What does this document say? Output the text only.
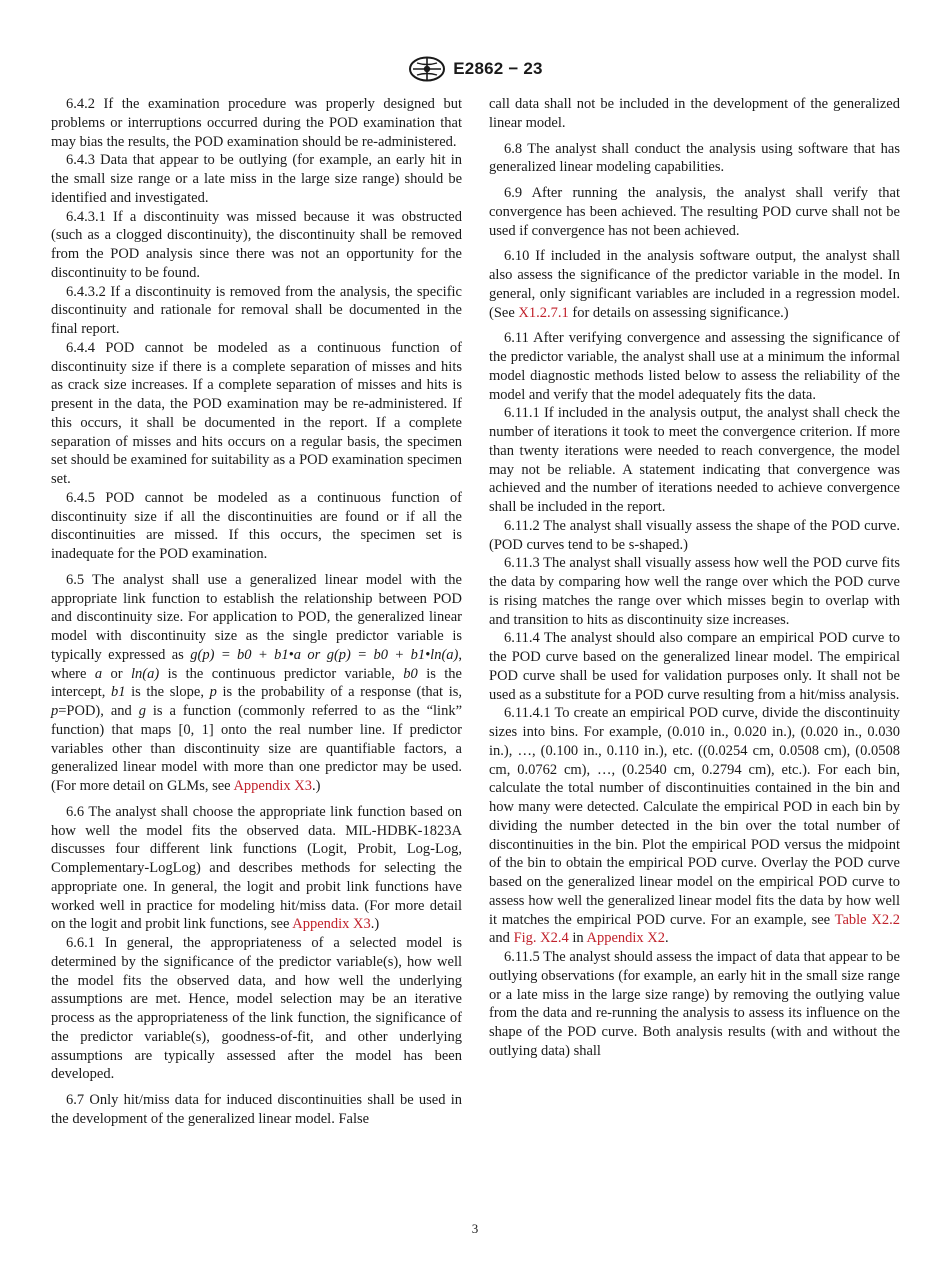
E2862 − 23

6.4.2 If the examination procedure was properly designed but problems or interruptions occurred during the POD examination that may bias the results, the POD examination should be re-administered.

6.4.3 Data that appear to be outlying (for example, an early hit in the small size range or a late miss in the large size range) should be identified and investigated.

6.4.3.1 If a discontinuity was missed because it was obstructed (such as a clogged discontinuity), the discontinuity shall be removed from the POD analysis since there was not an opportunity for the discontinuity to be found.

6.4.3.2 If a discontinuity is removed from the analysis, the specific discontinuity and rationale for removal shall be documented in the final report.

6.4.4 POD cannot be modeled as a continuous function of discontinuity size if there is a complete separation of misses and hits as crack size increases. If a complete separation of misses and hits is present in the data, the POD examination may be re-administered. If this occurs, it shall be documented in the report. If a complete separation of misses and hits occurs on a regular basis, the specimen set should be examined for suitability as a POD examination specimen set.

6.4.5 POD cannot be modeled as a continuous function of discontinuity size if all the discontinuities are found or if all the discontinuities are missed. If this occurs, the specimen set is inadequate for the POD examination.

6.5 The analyst shall use a generalized linear model with the appropriate link function to establish the relationship between POD and discontinuity size. For application to POD, the generalized linear model with discontinuity size as the single predictor variable is typically expressed as g(p) = b0 + b1•a or g(p) = b0 + b1•ln(a), where a or ln(a) is the continuous predictor variable, b0 is the intercept, b1 is the slope, p is the probability of a response (that is, p=POD), and g is a function (commonly referred to as the “link” function) that maps [0, 1] onto the real number line. If predictor variables other than discontinuity size are quantifiable factors, a generalized linear model with more than one predictor may be used. (For more detail on GLMs, see Appendix X3.)

6.6 The analyst shall choose the appropriate link function based on how well the model fits the observed data. MIL-HDBK-1823A discusses four different link functions (Logit, Probit, Log-Log, Complementary-LogLog) and describes methods for selecting the appropriate one. In general, the logit and probit link functions have worked well in practice for modeling hit/miss data. (For more detail on the logit and probit link functions, see Appendix X3.)

6.6.1 In general, the appropriateness of a selected model is determined by the significance of the predictor variable(s), how well the model fits the observed data, and how well the underlying assumptions are met. Hence, model selection may be an iterative process as the appropriateness of the link function, the significance of the predictor variable(s), goodness-of-fit, and other underlying assumptions are typically assessed after the model has been developed.

6.7 Only hit/miss data for induced discontinuities shall be used in the development of the generalized linear model. False

call data shall not be included in the development of the generalized linear model.

6.8 The analyst shall conduct the analysis using software that has generalized linear modeling capabilities.

6.9 After running the analysis, the analyst shall verify that convergence has been achieved. The resulting POD curve shall not be used if convergence has not been achieved.

6.10 If included in the analysis software output, the analyst shall also assess the significance of the predictor variable in the model. In general, only significant variables are included in a regression model. (See X1.2.7.1 for details on assessing significance.)

6.11 After verifying convergence and assessing the significance of the predictor variable, the analyst shall use at a minimum the informal model diagnostic methods listed below to assess the reliability of the model and verify that the model adequately fits the data.

6.11.1 If included in the analysis output, the analyst shall check the number of iterations it took to meet the convergence criterion. If more than twenty iterations were needed to reach convergence, the model may not be reliable. A statement indicating that convergence was achieved and the number of iterations needed to achieve convergence shall be included in the report.

6.11.2 The analyst shall visually assess the shape of the POD curve. (POD curves tend to be s-shaped.)

6.11.3 The analyst shall visually assess how well the POD curve fits the data by comparing how well the range over which the POD curve is rising matches the range over which misses begin to overlap with and transition to hits as discontinuity size increases.

6.11.4 The analyst should also compare an empirical POD curve to the POD curve based on the generalized linear model. The empirical POD curve shall be used for validation purposes only. It shall not be used as a substitute for a POD curve resulting from a hit/miss analysis.

6.11.4.1 To create an empirical POD curve, divide the discontinuity sizes into bins. For example, (0.010 in., 0.020 in.), (0.020 in., 0.030 in.), …, (0.100 in., 0.110 in.), etc. ((0.0254 cm, 0.0508 cm), (0.0508 cm, 0.0762 cm), …, (0.2540 cm, 0.2794 cm), etc.). For each bin, calculate the total number of discontinuities contained in the bin and how many were detected. Calculate the empirical POD in each bin by dividing the number detected in the bin over the total number of discontinuities in the bin. Plot the empirical POD versus the midpoint of the bin to obtain the empirical POD curve. Overlay the POD curve based on the generalized linear model on the empirical POD curve to assess how well the generalized linear model fits the data by how well it matches the empirical POD curve. For an example, see Table X2.2 and Fig. X2.4 in Appendix X2.

6.11.5 The analyst should assess the impact of data that appear to be outlying observations (for example, an early hit in the small size range or a late miss in the large size range) by removing the outlying value from the data and re-running the analysis to assess its influence on the shape of the POD curve. Both analysis results (with and without the outlying data) shall

3
